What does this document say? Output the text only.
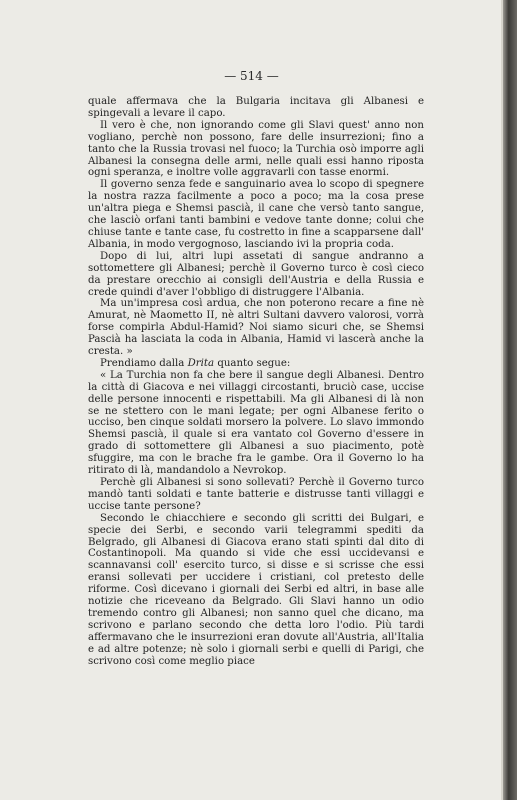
— 514 —

quale affermava che la Bulgaria incitava gli Albanesi e spingevali a levare il capo.

Il vero è che, non ignorando come gli Slavi quest' anno non vogliano, perchè non possono, fare delle insurrezioni; fino a tanto che la Russia trovasi nel fuoco; la Turchia osò imporre agli Albanesi la consegna delle armi, nelle quali essi hanno riposta ogni speranza, e inoltre volle aggravarli con tasse enormi.

Il governo senza fede e sanguinario avea lo scopo di spegnere la nostra razza facilmente a poco a poco; ma la cosa prese un'altra piega e Shemsi pascià, il cane che versò tanto sangue, che lasciò orfani tanti bambini e vedove tante donne; colui che chiuse tante e tante case, fu costretto in fine a scapparsene dall' Albania, in modo vergognoso, lasciando ivi la propria coda.

Dopo di lui, altri lupi assetati di sangue andranno a sottomettere gli Albanesi; perchè il Governo turco è così cieco da prestare orecchio ai consigli dell'Austria e della Russia e crede quindi d'aver l'obbligo di distruggere l'Albania.

Ma un'impresa così ardua, che non poterono recare a fine nè Amurat, nè Maometto II, nè altri Sultani davvero valorosi, vorrà forse compirla Abdul-Hamid? Noi siamo sicuri che, se Shemsi Pascià ha lasciata la coda in Albania, Hamid vi lascerà anche la cresta. »

Prendiamo dalla Drita quanto segue:

« La Turchia non fa che bere il sangue degli Albanesi. Dentro la città di Giacova e nei villaggi circostanti, bruciò case, uccise delle persone innocenti e rispettabili. Ma gli Albanesi di là non se ne stettero con le mani legate; per ogni Albanese ferito o ucciso, ben cinque soldati morsero la polvere. Lo slavo immondo Shemsi pascià, il quale si era vantato col Governo d'essere in grado di sottomettere gli Albanesi a suo piacimento, potè sfuggire, ma con le brache fra le gambe. Ora il Governo lo ha ritirato di là, mandandolo a Nevrokop.

Perchè gli Albanesi si sono sollevati? Perchè il Governo turco mandò tanti soldati e tante batterie e distrusse tanti villaggi e uccise tante persone?

Secondo le chiacchiere e secondo gli scritti dei Bulgari, e specie dei Serbi, e secondo varii telegrammi spediti da Belgrado, gli Albanesi di Giacova erano stati spinti dal dito di Costantinopoli. Ma quando si vide che essi uccidevansi e scannavansi coll' esercito turco, si disse e si scrisse che essi eransi sollevati per uccidere i cristiani, col pretesto delle riforme. Così dicevano i giornali dei Serbi ed altri, in base alle notizie che riceveano da Belgrado. Gli Slavi hanno un odio tremendo contro gli Albanesi; non sanno quel che dicano, ma scrivono e parlano secondo che detta loro l'odio. Più tardi affermavano che le insurrezioni eran dovute all'Austria, all'Italia e ad altre potenze; nè solo i giornali serbi e quelli di Parigi, che scrivono così come meglio piace
